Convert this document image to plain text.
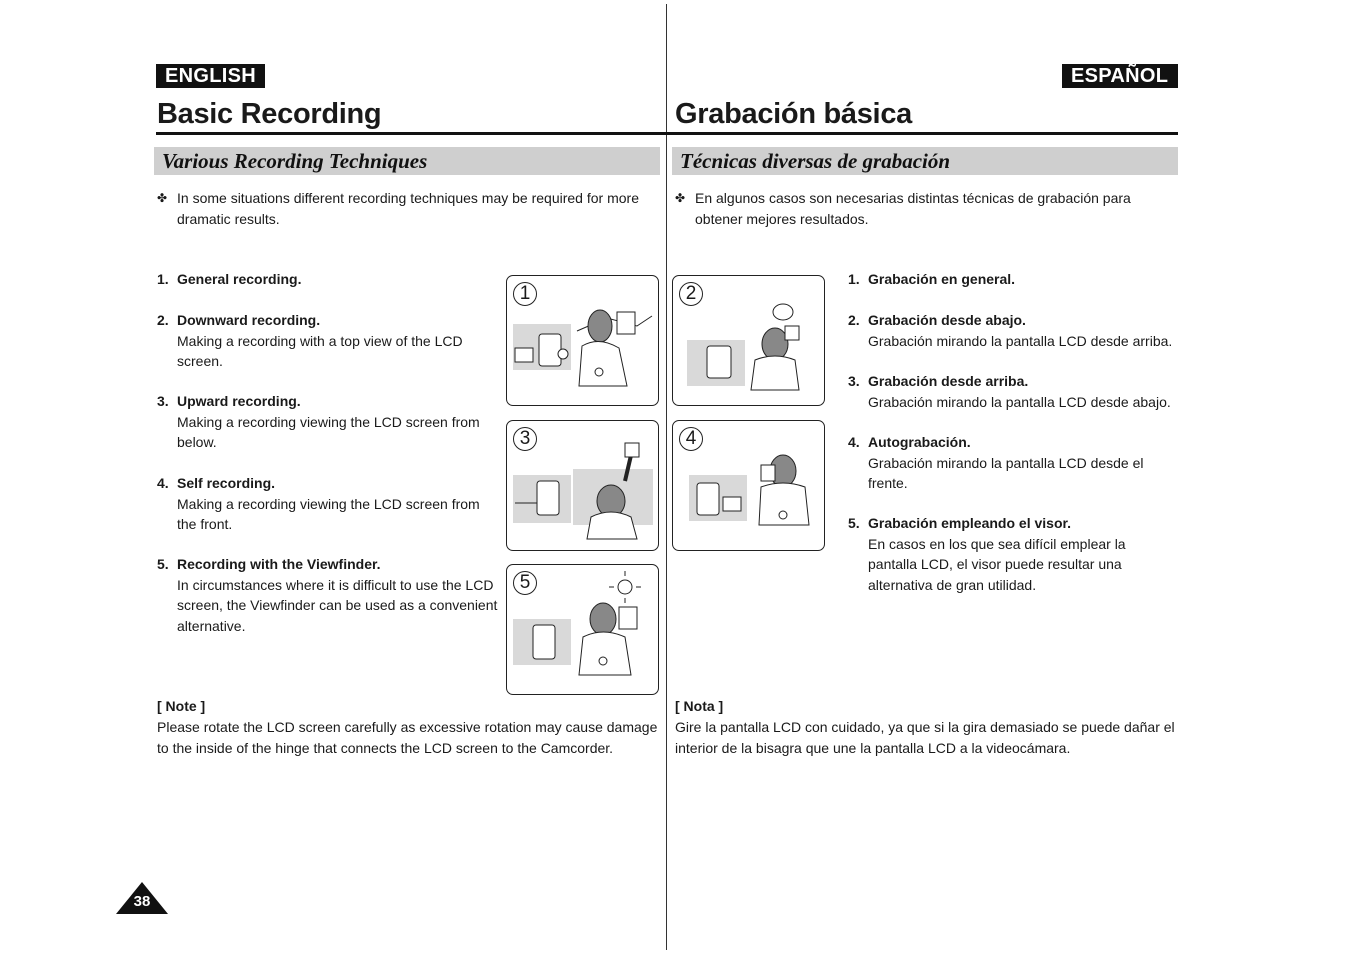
ENGLISH
Basic Recording
Various Recording Techniques
✤ In some situations different recording techniques may be required for more dramatic results.
1. General recording.
2. Downward recording.
Making a recording with a top view of the LCD screen.
3. Upward recording.
Making a recording viewing the LCD screen from below.
4. Self recording.
Making a recording viewing the LCD screen from the front.
5. Recording with the Viewfinder.
In circumstances where it is difficult to use the LCD screen, the Viewfinder can be used as a convenient alternative.
[ Note ]
Please rotate the LCD screen carefully as excessive rotation may cause damage to the inside of the hinge that connects the LCD screen to the Camcorder.
1
3
5
2
4
ESPAÑOL
Grabación básica
Técnicas diversas de grabación
✤ En algunos casos son necesarias distintas técnicas de grabación para obtener mejores resultados.
1. Grabación en general.
2. Grabación desde abajo.
Grabación mirando la pantalla LCD desde arriba.
3. Grabación desde arriba.
Grabación mirando la pantalla LCD desde abajo.
4. Autograbación.
Grabación mirando la pantalla LCD desde el frente.
5. Grabación empleando el visor.
En casos en los que sea difícil emplear la pantalla LCD, el visor puede resultar una alternativa de gran utilidad.
[ Nota ]
Gire la pantalla LCD con cuidado, ya que si la gira demasiado se puede dañar el interior de la bisagra que une la pantalla LCD a la videocámara.
38
